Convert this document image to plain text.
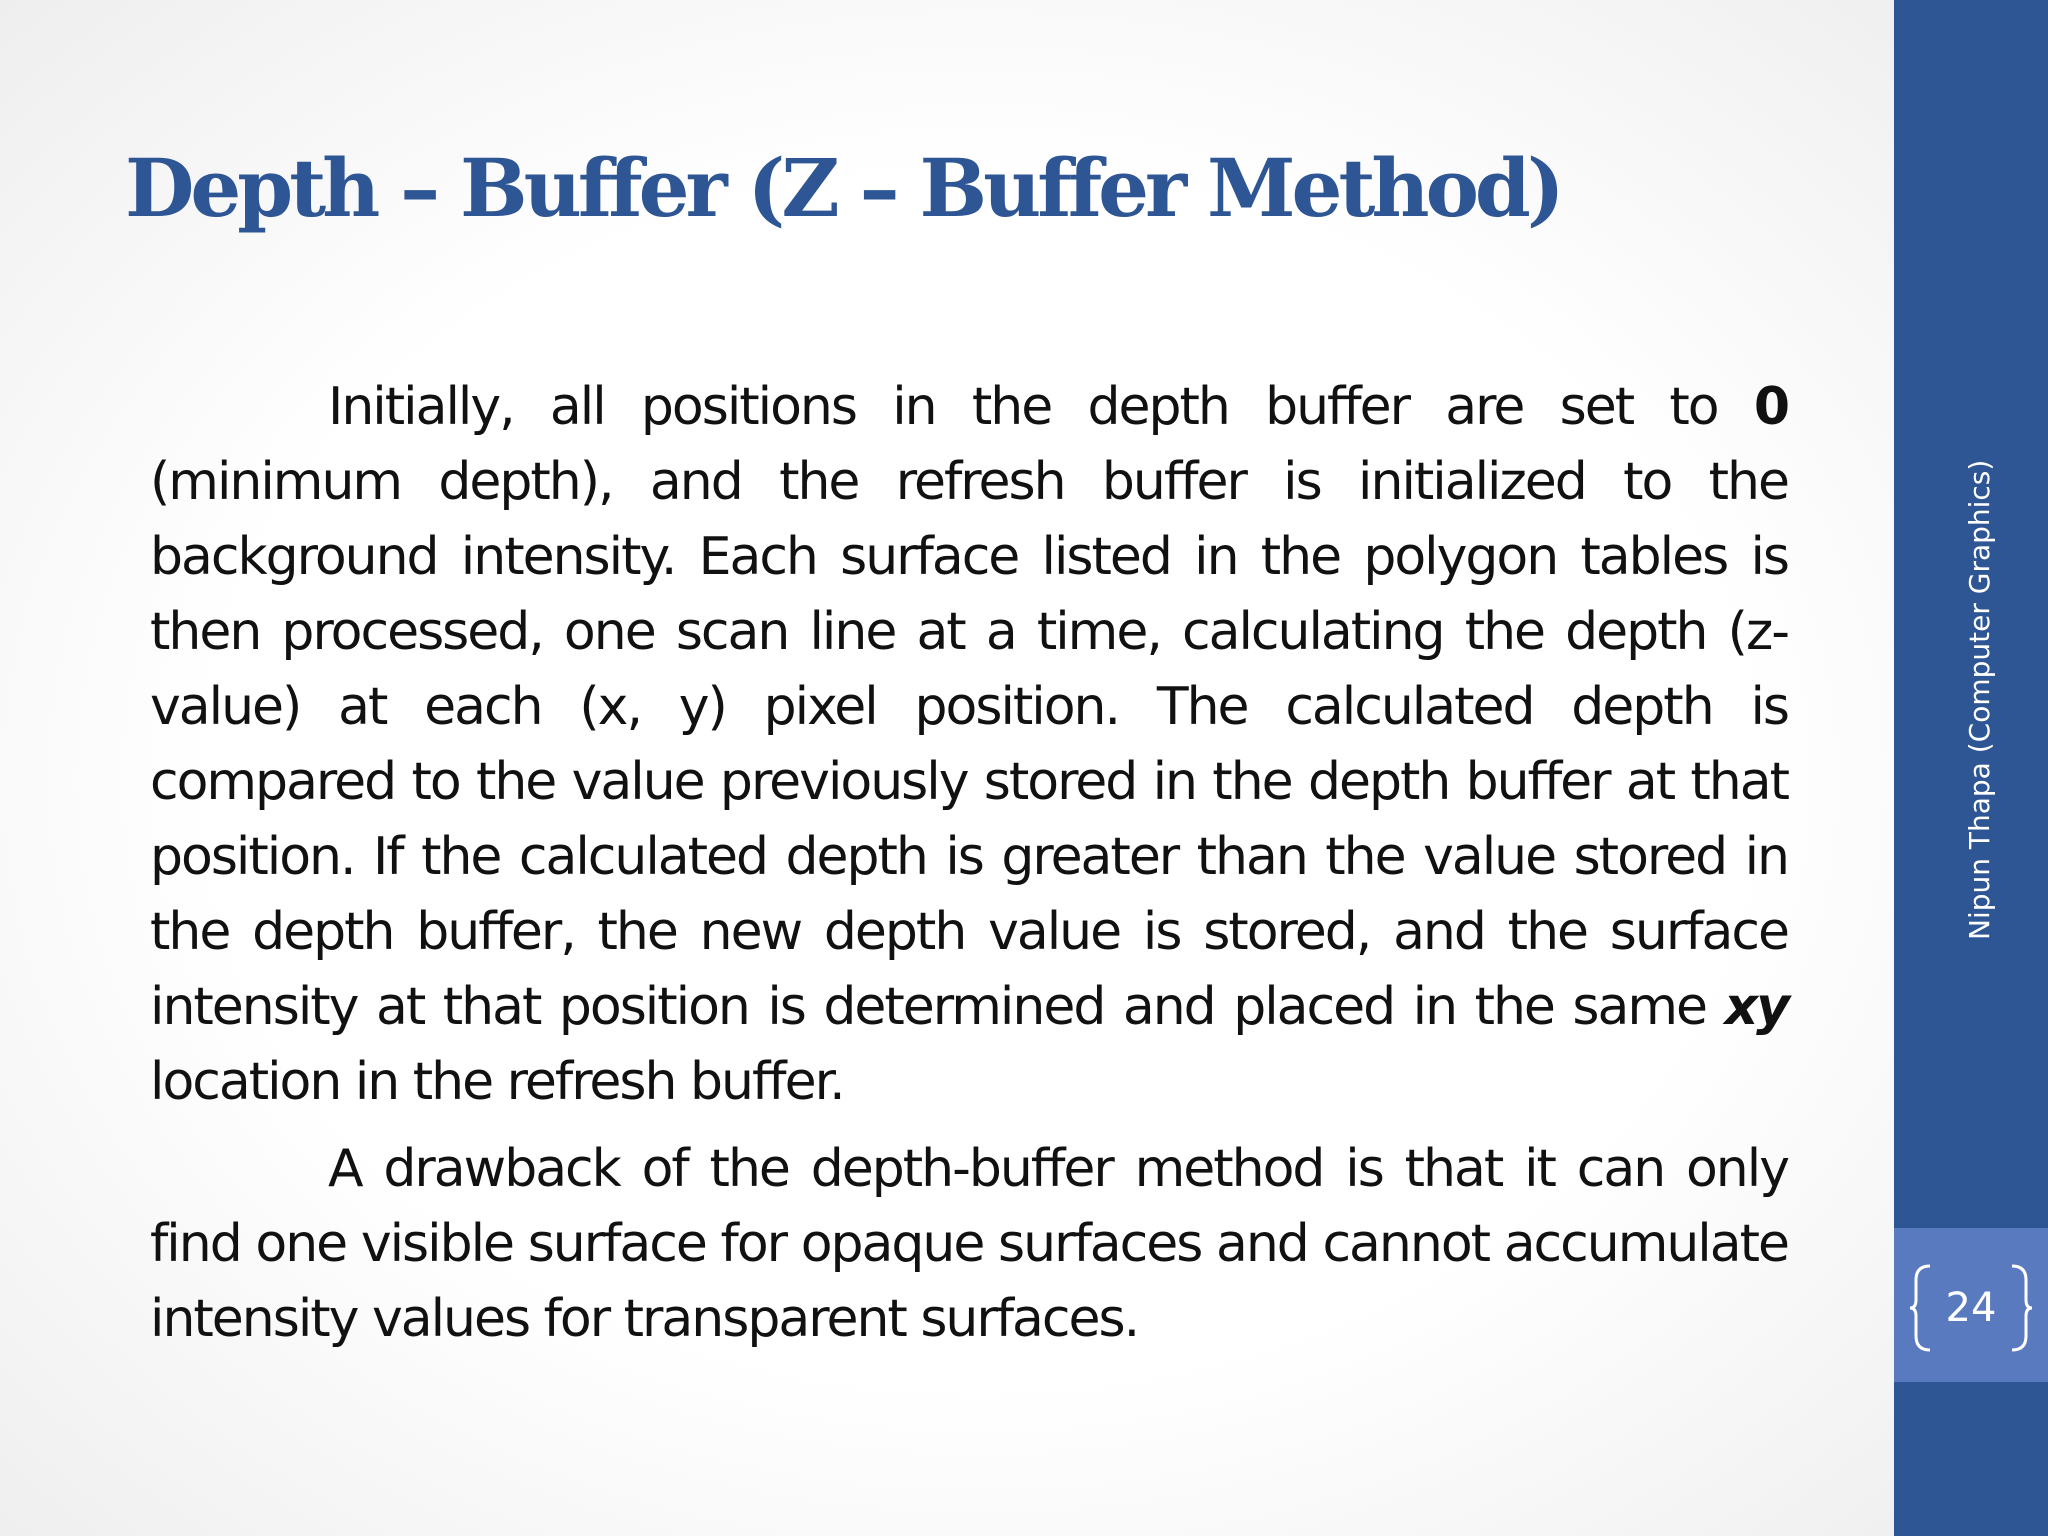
Depth – Buffer (Z – Buffer Method)

Initially, all positions in the depth buffer are set to 0 (minimum depth), and the refresh buffer is initialized to the background intensity. Each surface listed in the polygon tables is then processed, one scan line at a time, calculating the depth (z-value) at each (x, y) pixel position. The calculated depth is compared to the value previously stored in the depth buffer at that position. If the calculated depth is greater than the value stored in the depth buffer, the new depth value is stored, and the surface intensity at that position is determined and placed in the same xy location in the refresh buffer.

A drawback of the depth-buffer method is that it can only find one visible surface for opaque surfaces and cannot accumulate intensity values for transparent surfaces.	24
Nipun Thapa (Computer Graphics)
